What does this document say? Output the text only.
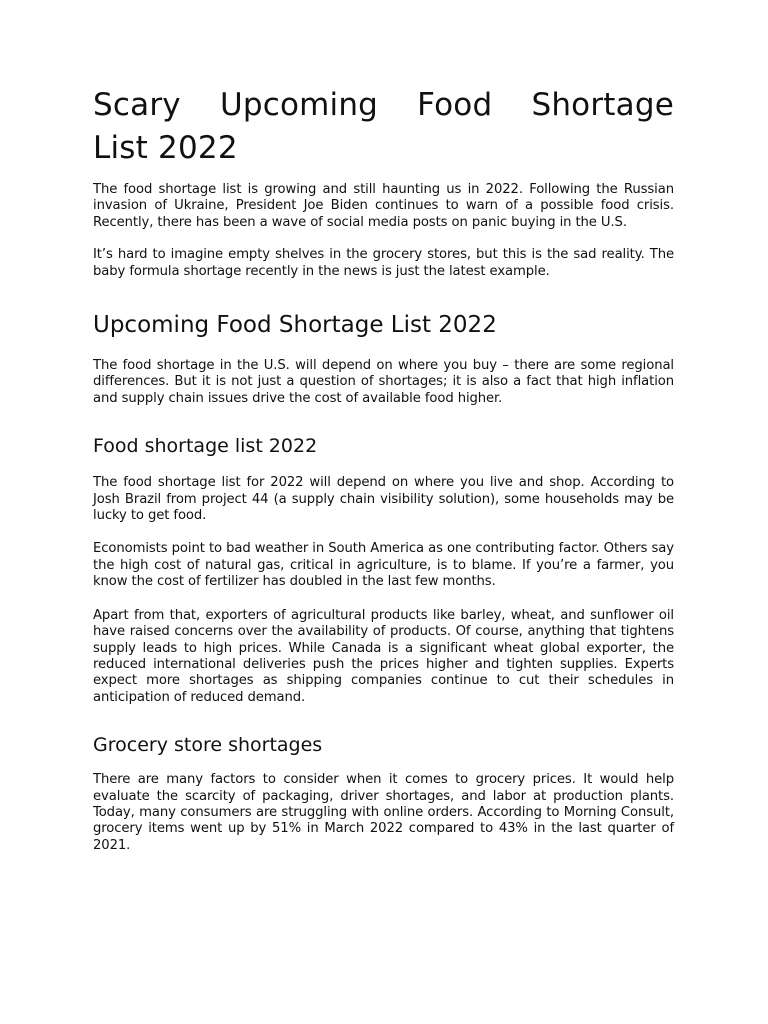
Scary Upcoming Food Shortage
List 2022

The food shortage list is growing and still haunting us in 2022. Following the Russian invasion of Ukraine, President Joe Biden continues to warn of a possible food crisis. Recently, there has been a wave of social media posts on panic buying in the U.S.

It’s hard to imagine empty shelves in the grocery stores, but this is the sad reality. The baby formula shortage recently in the news is just the latest example.

Upcoming Food Shortage List 2022

The food shortage in the U.S. will depend on where you buy – there are some regional differences. But it is not just a question of shortages; it is also a fact that high inflation and supply chain issues drive the cost of available food higher.

Food shortage list 2022

The food shortage list for 2022 will depend on where you live and shop. According to Josh Brazil from project 44 (a supply chain visibility solution), some households may be lucky to get food.

Economists point to bad weather in South America as one contributing factor. Others say the high cost of natural gas, critical in agriculture, is to blame. If you’re a farmer, you know the cost of fertilizer has doubled in the last few months.

Apart from that, exporters of agricultural products like barley, wheat, and sunflower oil have raised concerns over the availability of products. Of course, anything that tightens supply leads to high prices. While Canada is a significant wheat global exporter, the reduced international deliveries push the prices higher and tighten supplies. Experts expect more shortages as shipping companies continue to cut their schedules in anticipation of reduced demand.

Grocery store shortages

There are many factors to consider when it comes to grocery prices. It would help evaluate the scarcity of packaging, driver shortages, and labor at production plants. Today, many consumers are struggling with online orders. According to Morning Consult, grocery items went up by 51% in March 2022 compared to 43% in the last quarter of 2021.
